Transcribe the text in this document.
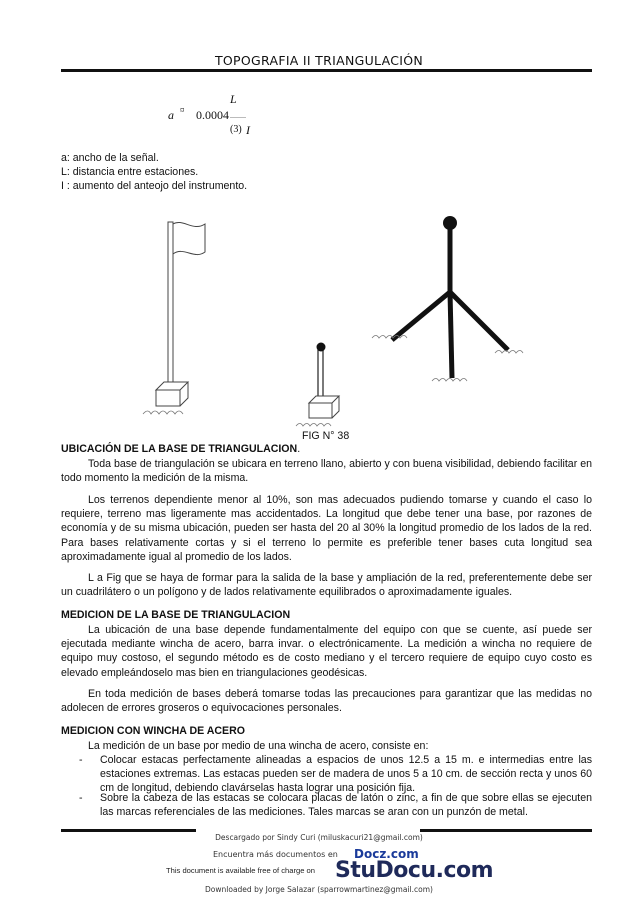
TOPOGRAFIA II TRIANGULACIÓN
L
a ¤ 0.0004
(3) I
a: ancho de la señal.
L: distancia entre estaciones.
I : aumento del anteojo del instrumento.
FIG N° 38
UBICACIÓN DE LA BASE DE TRIANGULACION.
Toda base de triangulación se ubicara en terreno llano, abierto y con buena visibilidad, debiendo facilitar en todo momento la medición de la misma.
Los terrenos dependiente menor al 10%, son mas adecuados pudiendo tomarse y cuando el caso lo requiere, terreno mas ligeramente mas accidentados. La longitud que debe tener una base, por razones de economía y de su misma ubicación, pueden ser hasta del 20 al 30% la longitud promedio de los lados de la red. Para bases relativamente cortas y si el terreno lo permite es preferible tener bases cuta longitud sea aproximadamente igual al promedio de los lados.
L a Fig que se haya de formar para la salida de la base y ampliación de la red, preferentemente debe ser un cuadrilátero o un polígono y de lados relativamente equilibrados o aproximadamente iguales.
MEDICION DE LA BASE DE TRIANGULACION
La ubicación de una base depende fundamentalmente del equipo con que se cuente, así puede ser ejecutada mediante wincha de acero, barra invar. o electrónicamente. La medición a wincha no requiere de equipo muy costoso, el segundo método es de costo mediano y el tercero requiere de equipo cuyo costo es elevado empleándoselo mas bien en triangulaciones geodésicas.
En toda medición de bases deberá tomarse todas las precauciones para garantizar que las medidas no adolecen de errores groseros o equivocaciones personales.
MEDICION CON WINCHA DE ACERO
La medición de un base por medio de una wincha de acero, consiste en:
- Colocar estacas perfectamente alineadas a espacios de unos 12.5 a 15 m. e intermedias entre las estaciones extremas. Las estacas pueden ser de madera de unos 5 a 10 cm. de sección recta y unos 60 cm de longitud, debiendo clavárselas hasta lograr una posición fija.
- Sobre la cabeza de las estacas se colocara placas de latón o zinc, a fin de que sobre ellas se ejecuten las marcas referenciales de las mediciones. Tales marcas se aran con un punzón de metal.
Descargado por Sindy Curi (miluskacuri21@gmail.com)
Encuentra más documentos en Docz.com
This document is available free of charge on StuDocu.com
Downloaded by Jorge Salazar (sparrowmartinez@gmail.com)
